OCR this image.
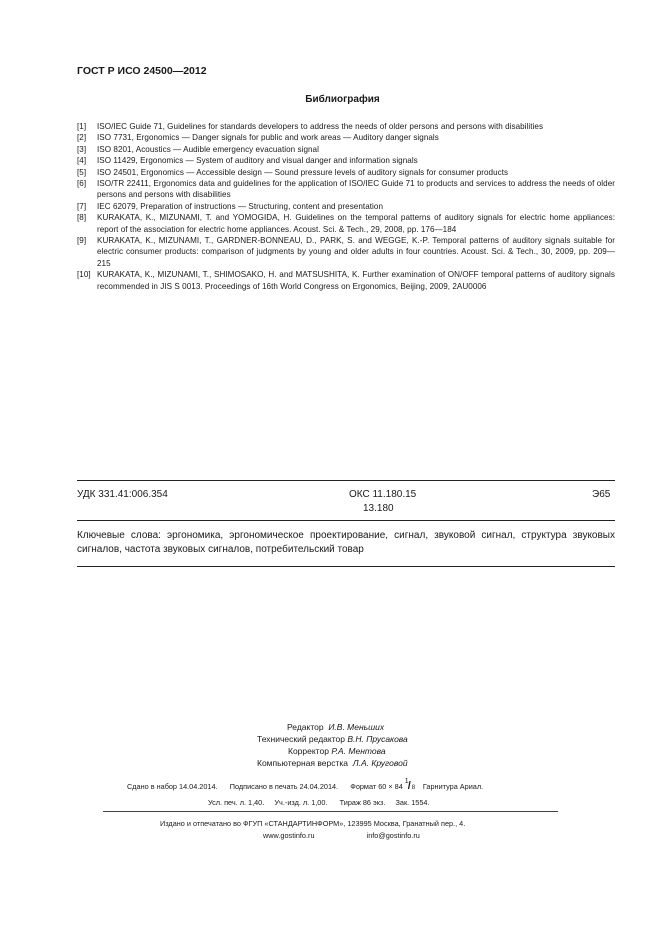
ГОСТ Р ИСО 24500—2012
Библиография
[1]	ISO/IEC Guide 71, Guidelines for standards developers to address the needs of older persons and persons with disabilities
[2]	ISO 7731, Ergonomics — Danger signals for public and work areas — Auditory danger signals
[3]	ISO 8201, Acoustics — Audible emergency evacuation signal
[4]	ISO 11429, Ergonomics — System of auditory and visual danger and information signals
[5]	ISO 24501, Ergonomics — Accessible design — Sound pressure levels of auditory signals for consumer products
[6]	ISO/TR 22411, Ergonomics data and guidelines for the application of ISO/IEC Guide 71 to products and services to address the needs of older persons and persons with disabilities
[7]	IEC 62079, Preparation of instructions — Structuring, content and presentation
[8]	KURAKATA, K., MIZUNAMI, T. and YOMOGIDA, H. Guidelines on the temporal patterns of auditory signals for electric home appliances: report of the association for electric home appliances. Acoust. Sci. & Tech., 29, 2008, pp. 176—184
[9]	KURAKATA, K., MIZUNAMI, T., GARDNER-BONNEAU, D., PARK, S. and WEGGE, K.-P. Temporal patterns of auditory signals suitable for electric consumer products: comparison of judgments by young and older adults in four countries. Acoust. Sci. & Tech., 30, 2009, pp. 209—215
[10] KURAKATA, K., MIZUNAMI, T., SHIMOSAKO, H. and MATSUSHITA, K. Further examination of ON/OFF temporal patterns of auditory signals recommended in JIS S 0013. Proceedings of 16th World Congress on Ergonomics, Beijing, 2009, 2AU0006
УДК 331.41:006.354	ОКС 11.180.15
13.180
Э65
Ключевые слова: эргономика, эргономическое проектирование, сигнал, звуковой сигнал, структура звуковых сигналов, частота звуковых сигналов, потребительский товар
Редактор И.В. Меньших
Технический редактор В.Н. Прусакова
Корректор Р.А. Ментова
Компьютерная верстка Л.А. Круговой
Сдано в набор 14.04.2014. Подписано в печать 24.04.2014. Формат 60 × 84
1 / 8 Гарнитура Ариал.
Усл. печ. л. 1,40. Уч.-изд. л. 1,00. Тираж 86 экз. Зак. 1554.
Издано и отпечатано во ФГУП «СТАНДАРТИНФОРМ», 123995 Москва, Гранатный пер., 4.
www.gostinfo.ru	info@gostinfo.ru
